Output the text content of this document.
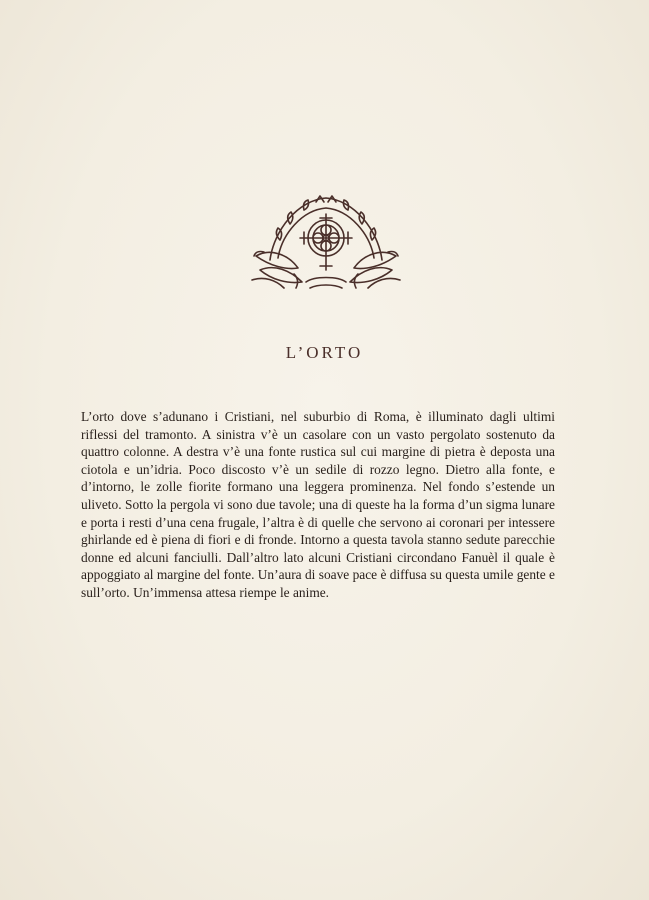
L’ORTO

L’orto dove s’adunano i Cristiani, nel suburbio di Roma, è illuminato dagli ultimi riflessi del tramonto. A sinistra v’è un casolare con un vasto pergolato sostenuto da quattro colonne. A destra v’è una fonte rustica sul cui margine di pietra è deposta una ciotola e un’idria. Poco discosto v’è un sedile di rozzo legno. Dietro alla fonte, e d’intorno, le zolle fiorite formano una leggera prominenza. Nel fondo s’estende un uliveto. Sotto la pergola vi sono due tavole; una di queste ha la forma d’un sigma lunare e porta i resti d’una cena frugale, l’altra è di quelle che servono ai coronari per intessere ghirlande ed è piena di fiori e di fronde. Intorno a questa tavola stanno sedute parecchie donne ed alcuni fanciulli. Dall’altro lato alcuni Cristiani circondano Fanuèl il quale è appoggiato al margine del fonte. Un’aura di soave pace è diffusa su questa umile gente e sull’orto. Un’immensa attesa riempe le anime.
